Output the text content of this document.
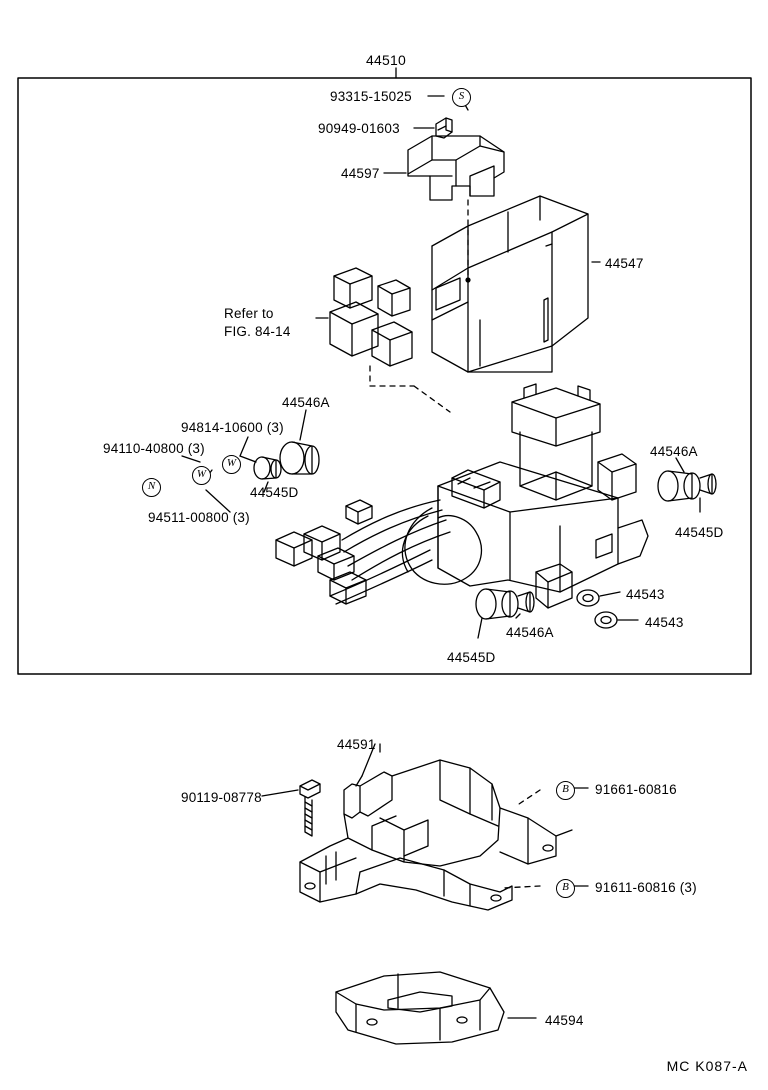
44510
93315-15025
90949-01603
44597
44547
44546A
94814-10600 (3)
94110-40800 (3)
44545D
94511-00800 (3)
44546A
44545D
44543
44543
44546A
44545D
Refer to
FIG. 84-14
S
N
W
W
44591
90119-08778
91661-60816
91611-60816 (3)
44594
B
B
MC K087-A
